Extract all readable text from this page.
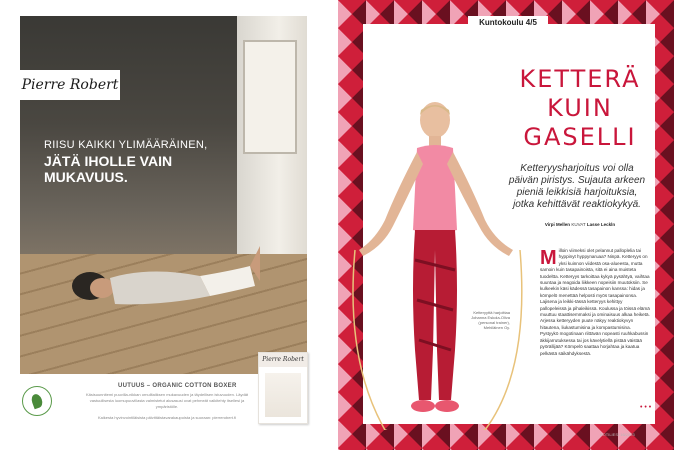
Pierre Robert
RIISU KAIKKI YLIMÄÄRÄINEN,
JÄTÄ IHOLLE VAIN
MUKAVUUS.
UUTUUS – ORGANIC COTTON BOXER
Käsisuunnitemi puuvilla-nikkan ornulltaiiksen mukavuuden ja täydellisen istuvuuden. Läydät vastuullisesta luomupuuvillasta valmistetut alusasusi ovat pehmeät vaikitehty itsellesi ja ympäristölle.
Kaikesta hyvinvointiläisista päivittäistavarakaupoista ja suoraan: pierrerobert.fi
Pierre Robert
Kuntokoulu 4/5
KETTERÄ
KUIN
GASELLI
Ketteryysharjoitus voi olla päivän piristys. Sujauta arkeen pieniä leikkisiä harjoituksia, jotka kehittävät reaktiokykyä.
Virpi Mellen KUVAT Lasse Leckln
Milloin viimeksi olet pelannut palloplelia tai hyppinyt hyppynaruaa? Ninpä. Ketteryys on yksi kuinnon viidestä osa-alueesta, mutta samoin kuin tasapainoista, sitä ei aina muisteta tuodeltta. Ketteryys tarkoittaa kykyä pysähtyä, vaihtaa suuntaa ja reagoida liikkeen nopeisiin muutoksiin. Se kulkeekin käsi kädessä tasapainon kanssa: hidas ja kömpelö menettää helposti myös tasapainonsa. Lajisena ja leikki-tässä ketteryys kehittyy pallopeleissä ja pihaleikissä. Koulussa ja töissä elämä muuttuu staattisemmaksi ja ominaisuus alkaa heiketä. Arjessa ketteryyden puute näkyy reaktiokyvyn hitautena, liukastumisina ja kompastumisina. Pystyykö mogotinaan riittävän nopeasti ruuhkabussin äkkijarrutuksessa tai jos kävelytiellä pistää väistää pyörällijää? Kömpelö saattaa horjahtaa ja kaatua pelkästä säikähdyksestä.
Ketteryyttä harjoittaa Johanna Eskola-Oliva (personal trainer), Mehiläinen Oy.
• • •
KOTILIESI 16/2023
